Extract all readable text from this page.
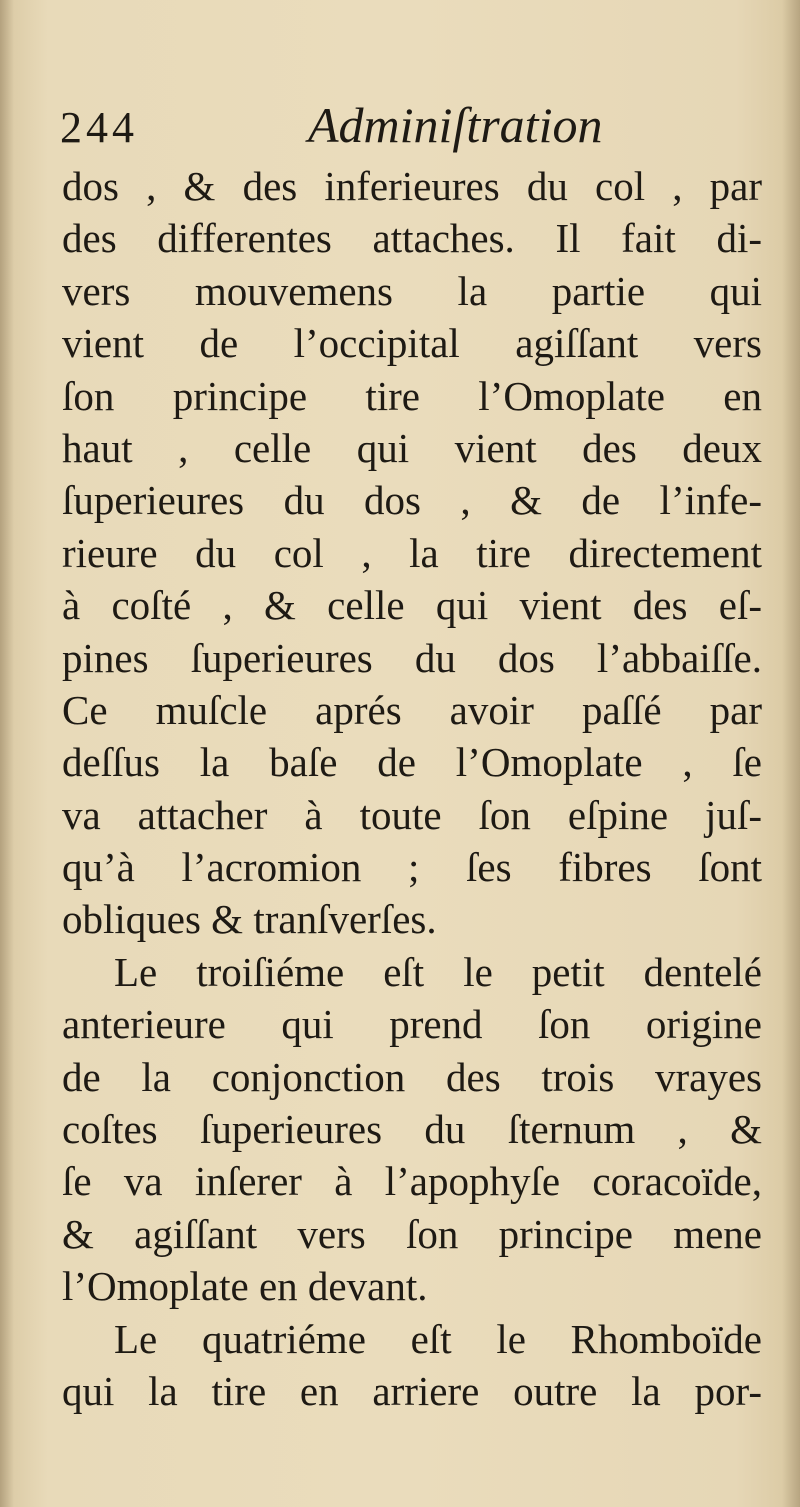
244	Adminiſtration
dos , & des inferieures du col , par
des differentes attaches. Il fait di-
vers mouvemens la partie qui
vient de l’occipital agiſſant vers
ſon principe tire l’Omoplate en
haut , celle qui vient des deux
ſuperieures du dos , & de l’infe-
rieure du col , la tire directement
à coſté , & celle qui vient des eſ-
pines ſuperieures du dos l’abbaiſſe.
Ce muſcle aprés avoir paſſé par
deſſus la baſe de l’Omoplate , ſe
va attacher à toute ſon eſpine juſ-
qu’à l’acromion ; ſes fibres ſont
obliques & tranſverſes.
Le troiſiéme eſt le petit dentelé
anterieure qui prend ſon origine
de la conjonction des trois vrayes
coſtes ſuperieures du ſternum , &
ſe va inſerer à l’apophyſe coracoïde,
& agiſſant vers ſon principe mene
l’Omoplate en devant.
Le quatriéme eſt le Rhomboïde
qui la tire en arriere outre la por-
